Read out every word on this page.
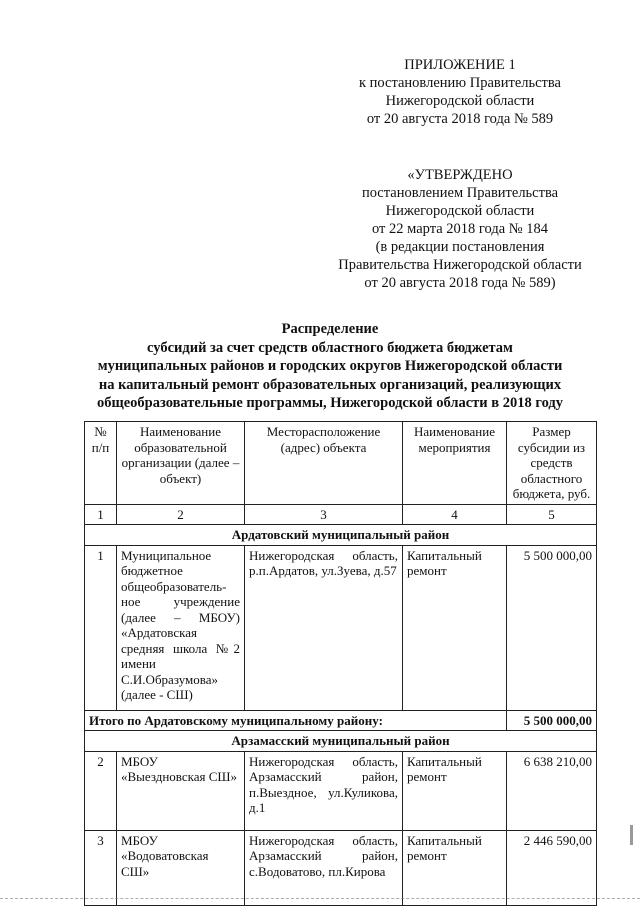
ПРИЛОЖЕНИЕ 1
к постановлению Правительства
Нижегородской области
от 20 августа 2018 года № 589
«УТВЕРЖДЕНО
постановлением Правительства
Нижегородской области
от 22 марта 2018 года № 184
(в редакции постановления
Правительства Нижегородской области
от 20 августа 2018 года № 589)
Распределение
субсидий за счет средств областного бюджета бюджетам
муниципальных районов и городских округов Нижегородской области
на капитальный ремонт образовательных организаций, реализующих
общеобразовательные программы, Нижегородской области в 2018 году
№ п/п	Наименование образовательной организации (далее – объект)	Месторасположение (адрес) объекта	Наименование мероприятия	Размер субсидии из средств областного бюджета, руб.
1	2	3	4	5
Ардатовский муниципальный район				
1	Муниципальное бюджетное общеобразователь-ное учреждение (далее – МБОУ) «Ардатовская средняя школа №2 имени С.И.Образумова» (далее - СШ)	Нижегородская область, р.п.Ардатов, ул.Зуева, д.57	Капитальный ремонт	5 500 000,00
Итого по Ардатовскому муниципальному району:				5 500 000,00
Арзамасский муниципальный район				
2	МБОУ «Выездновская СШ»	Нижегородская область, Арзамасский район, п.Выездное, ул.Куликова, д.1	Капитальный ремонт	6 638 210,00
3	МБОУ «Водоватовская СШ»	Нижегородская область, Арзамасский район, с.Водоватово, пл.Кирова	Капитальный ремонт	2 446 590,00
